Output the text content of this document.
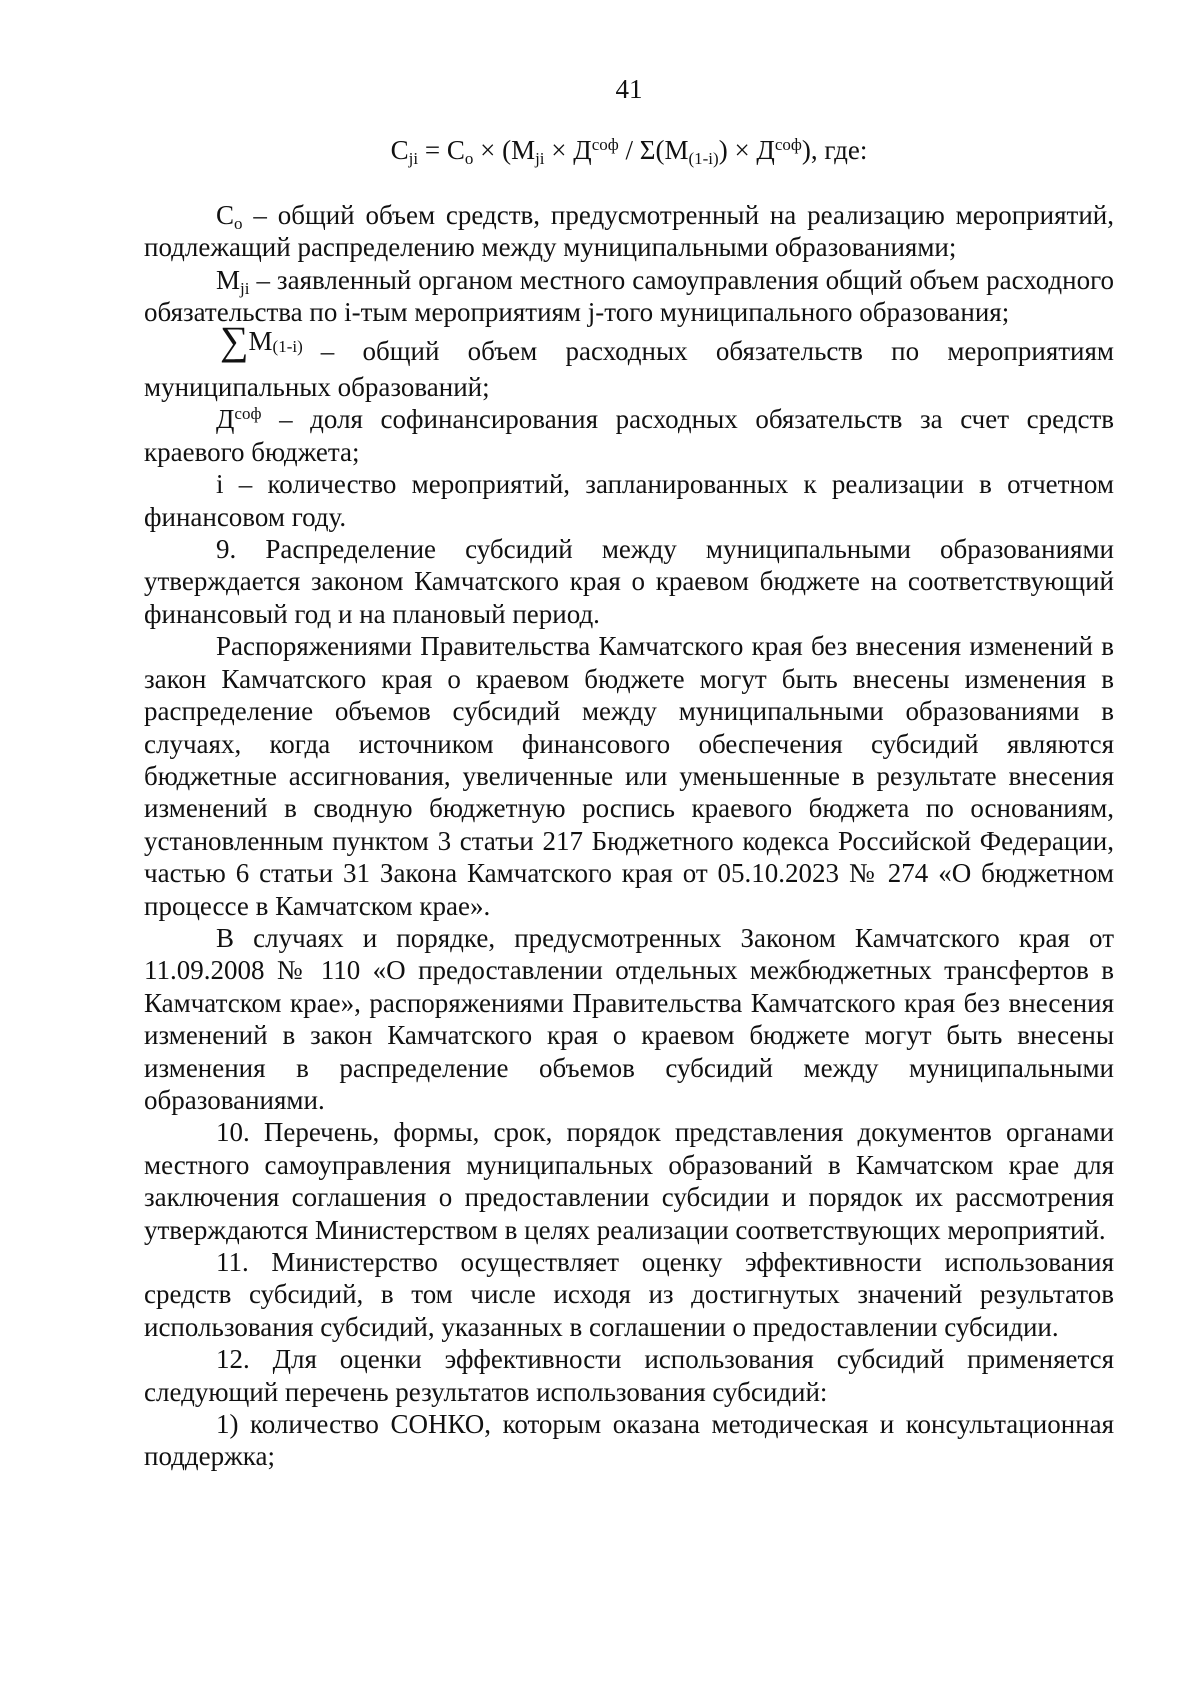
41
$C_{ji} = C_o \times (M_{ji} \times Д^{соф} / \Sigma(M_{(1-i)}) \times Д^{соф})$, где:

$C_o$ – общий объем средств, предусмотренный на реализацию мероприятий, подлежащий распределению между муниципальными образованиями;

$M_{ji}$ – заявленный органом местного самоуправления общий объем расходного обязательства по i-тым мероприятиям j-того муниципального образования;

$\sum M^{(1-i)}$ – общий объем расходных обязательств по мероприятиям муниципальных образований;

$Д^{соф}$ – доля софинансирования расходных обязательств за счет средств краевого бюджета;

i – количество мероприятий, запланированных к реализации в отчетном финансовом году.

9. Распределение субсидий между муниципальными образованиями утверждается законом Камчатского края о краевом бюджете на соответствующий финансовый год и на плановый период.

Распоряжениями Правительства Камчатского края без внесения изменений в закон Камчатского края о краевом бюджете могут быть внесены изменения в распределение объемов субсидий между муниципальными образованиями в случаях, когда источником финансового обеспечения субсидий являются бюджетные ассигнования, увеличенные или уменьшенные в результате внесения изменений в сводную бюджетную роспись краевого бюджета по основаниям, установленным пунктом 3 статьи 217 Бюджетного кодекса Российской Федерации, частью 6 статьи 31 Закона Камчатского края от 05.10.2023 № 274 «О бюджетном процессе в Камчатском крае».

В случаях и порядке, предусмотренных Законом Камчатского края от 11.09.2008 № 110 «О предоставлении отдельных межбюджетных трансфертов в Камчатском крае», распоряжениями Правительства Камчатского края без внесения изменений в закон Камчатского края о краевом бюджете могут быть внесены изменения в распределение объемов субсидий между муниципальными образованиями.

10. Перечень, формы, срок, порядок представления документов органами местного самоуправления муниципальных образований в Камчатском крае для заключения соглашения о предоставлении субсидии и порядок их рассмотрения утверждаются Министерством в целях реализации соответствующих мероприятий.

11. Министерство осуществляет оценку эффективности использования средств субсидий, в том числе исходя из достигнутых значений результатов использования субсидий, указанных в соглашении о предоставлении субсидии.

12. Для оценки эффективности использования субсидий применяется следующий перечень результатов использования субсидий:

1) количество СОНКО, которым оказана методическая и консультационная поддержка;
